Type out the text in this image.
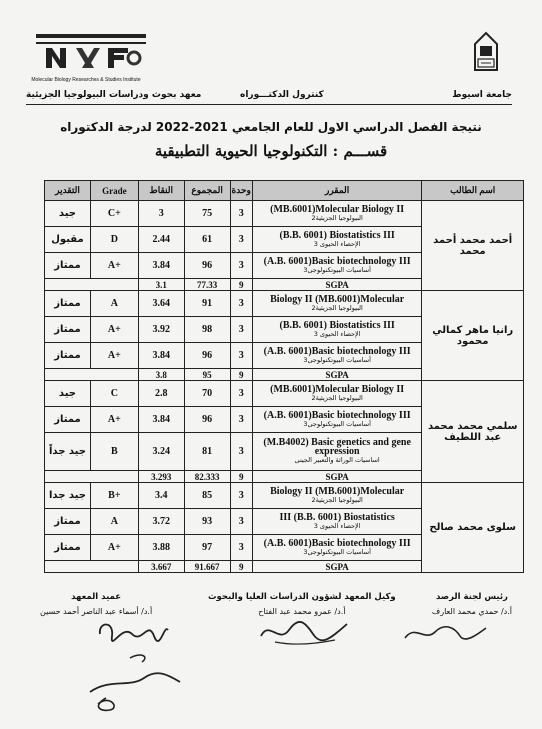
Molecular Biology Researches & Studies Institute
معهد بحوث ودراسات البيولوجيا الجزيئية	كنترول الدكتـــوراه	جامعة اسيوط
نتيجة الفصل الدراسي الاول للعام الجامعي 2021-2022 لدرجة الدكتوراه
قســـم : التكنولوجيا الحيوية التطبيقية
التقدير	Grade	النقاط	المجموع	وحدة	المقرر	اسم الطالب
جيد	C+	3	75	3	(MB.6001)Molecular Biology II
البيولوجيا الجزيئية2	أحمد محمد أحمد محمد
مقبول	D	2.44	61	3	(B.B. 6001) Biostatistics III
الإحصاء الحيوى 3	

ممتاز	A+	3.84	96	3	(A.B. 6001)Basic biotechnology III
أساسيات البيوتكنولوجى3	

		3.1	77.33	9	SGPA	
ممتاز	A	3.64	91	3	Biology II (MB.6001)Molecular
البيولوجيا الجزيئية2	رانيا ماهر كمالي محمود
ممتاز	A+	3.92	98	3	(B.B. 6001) Biostatistics III
الإحصاء الحيوى 3	

ممتاز	A+	3.84	96	3	(A.B. 6001)Basic biotechnology III
أساسيات البيوتكنولوجى3	

		3.8	95	9	SGPA	
جيد	C	2.8	70	3	(MB.6001)Molecular Biology II
البيولوجيا الجزيئية2	سلمي محمد محمد عبد اللطيف
ممتاز	A+	3.84	96	3	(A.B. 6001)Basic biotechnology III
أساسيات البيوتكنولوجى3	

جيد جداً	B	3.24	81	3	(M.B4002) Basic genetics and gene expression
اساسيات الوراثة والتعبير الجينى	

		3.293	82.333	9	SGPA	
جيد جدا	B+	3.4	85	3	Biology II (MB.6001)Molecular
البيولوجيا الجزيئية2	سلوى محمد صالح
ممتاز	A	3.72	93	3	III (B.B. 6001) Biostatistics
الإحصاء الحيوى 3	

ممتاز	A+	3.88	97	3	(A.B. 6001)Basic biotechnology III
أساسيات البيوتكنولوجى3	

		3.667	91.667	9	SGPA	
رئيس لجنة الرصد
أ.د/ حمدي محمد العارف
وكيل المعهد لشؤون الدراسات العليا والبحوث
أ.د/ عمرو محمد عبد الفتاح
عميد المعهد
أ.د/ أسماء عبد الناصر أحمد حسين
